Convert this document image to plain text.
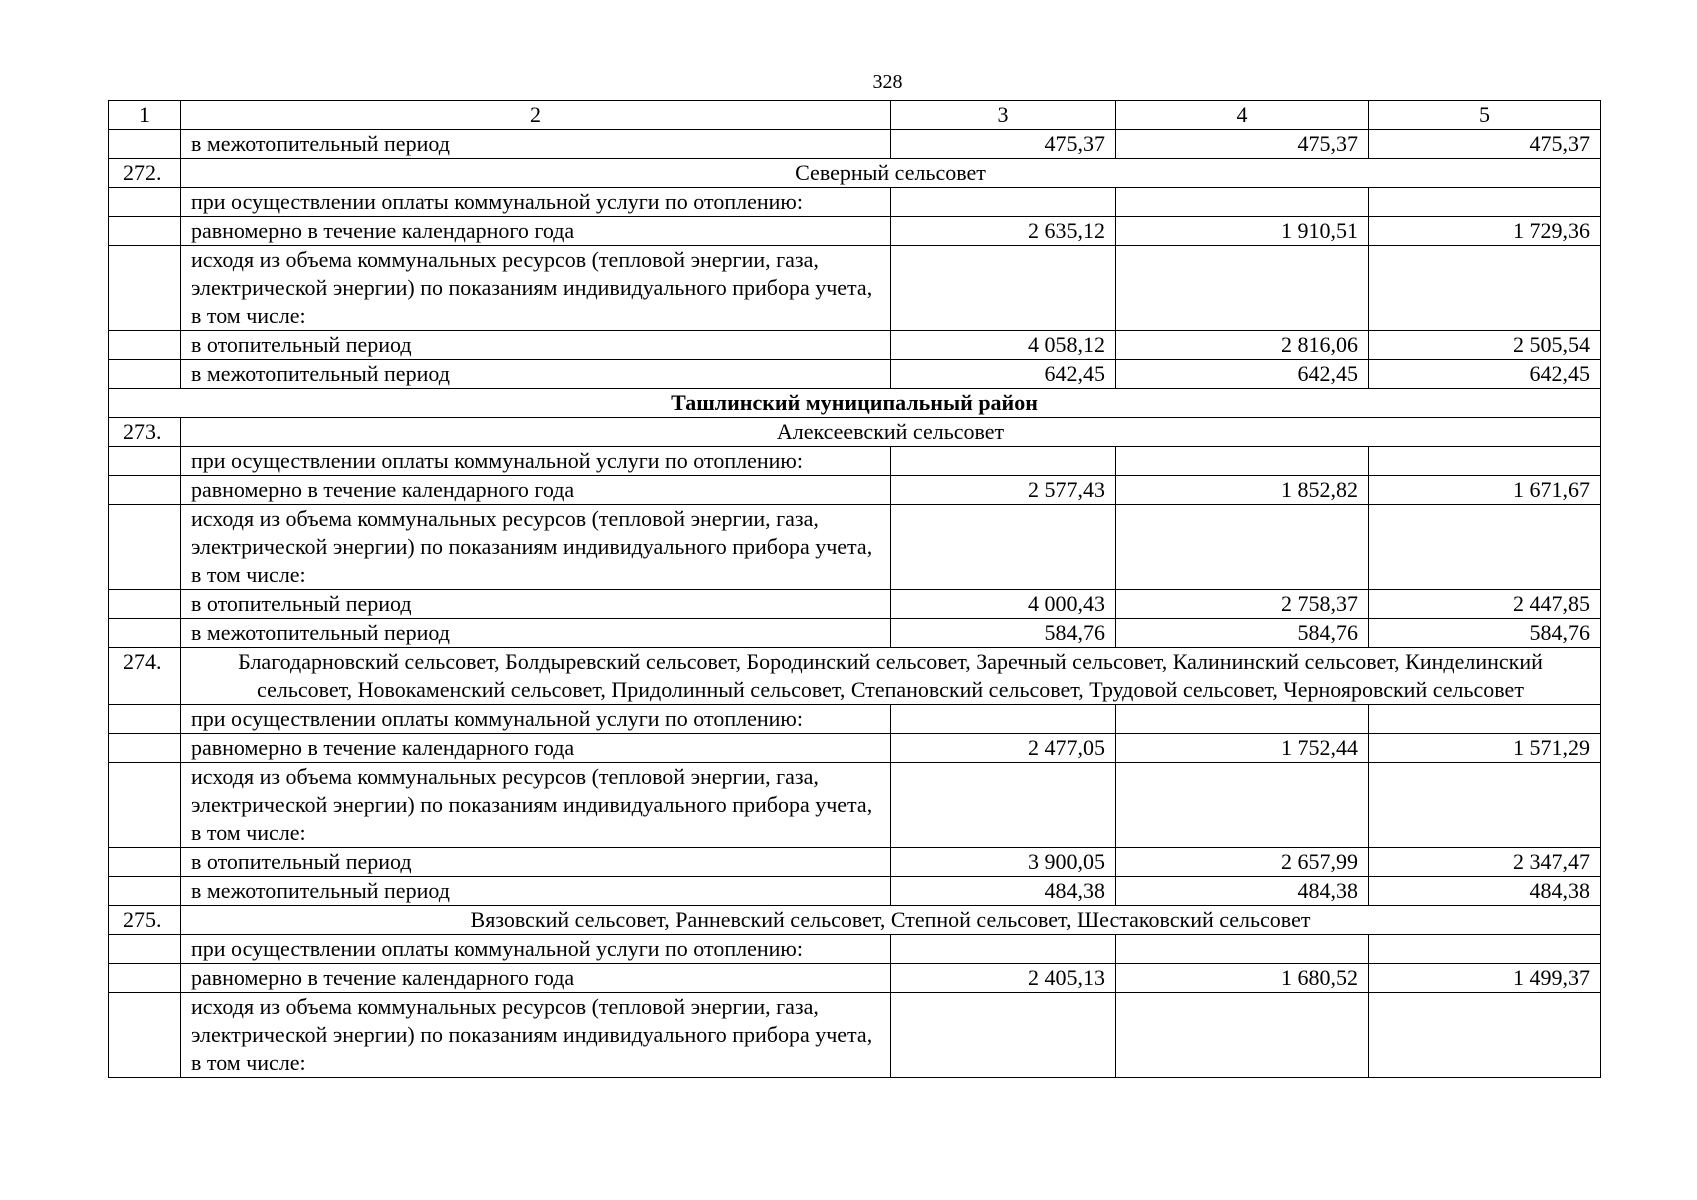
328
1	2	3	4	5
	в межотопительный период	475,37	475,37	475,37
272.	Северный сельсовет			
	при осуществлении оплаты коммунальной услуги по отоплению:			
	равномерно в течение календарного года	2 635,12	1 910,51	1 729,36
	исходя из объема коммунальных ресурсов (тепловой энергии, газа, электрической энергии) по показаниям индивидуального прибора учета, в том числе:			
	в отопительный период	4 058,12	2 816,06	2 505,54
	в межотопительный период	642,45	642,45	642,45
Ташлинский муниципальный район				
273.	Алексеевский сельсовет			
	при осуществлении оплаты коммунальной услуги по отоплению:			
	равномерно в течение календарного года	2 577,43	1 852,82	1 671,67
	исходя из объема коммунальных ресурсов (тепловой энергии, газа, электрической энергии) по показаниям индивидуального прибора учета, в том числе:			
	в отопительный период	4 000,43	2 758,37	2 447,85
	в межотопительный период	584,76	584,76	584,76
274.	Благодарновский сельсовет, Болдыревский сельсовет, Бородинский сельсовет, Заречный сельсовет, Калининский сельсовет, Кинделинский сельсовет, Новокаменский сельсовет, Придолинный сельсовет, Степановский сельсовет, Трудовой сельсовет, Чернояровский сельсовет			
	при осуществлении оплаты коммунальной услуги по отоплению:			
	равномерно в течение календарного года	2 477,05	1 752,44	1 571,29
	исходя из объема коммунальных ресурсов (тепловой энергии, газа, электрической энергии) по показаниям индивидуального прибора учета, в том числе:			
	в отопительный период	3 900,05	2 657,99	2 347,47
	в межотопительный период	484,38	484,38	484,38
275.	Вязовский сельсовет, Ранневский сельсовет, Степной сельсовет, Шестаковский сельсовет			
	при осуществлении оплаты коммунальной услуги по отоплению:			
	равномерно в течение календарного года	2 405,13	1 680,52	1 499,37
	исходя из объема коммунальных ресурсов (тепловой энергии, газа, электрической энергии) по показаниям индивидуального прибора учета, в том числе:			
